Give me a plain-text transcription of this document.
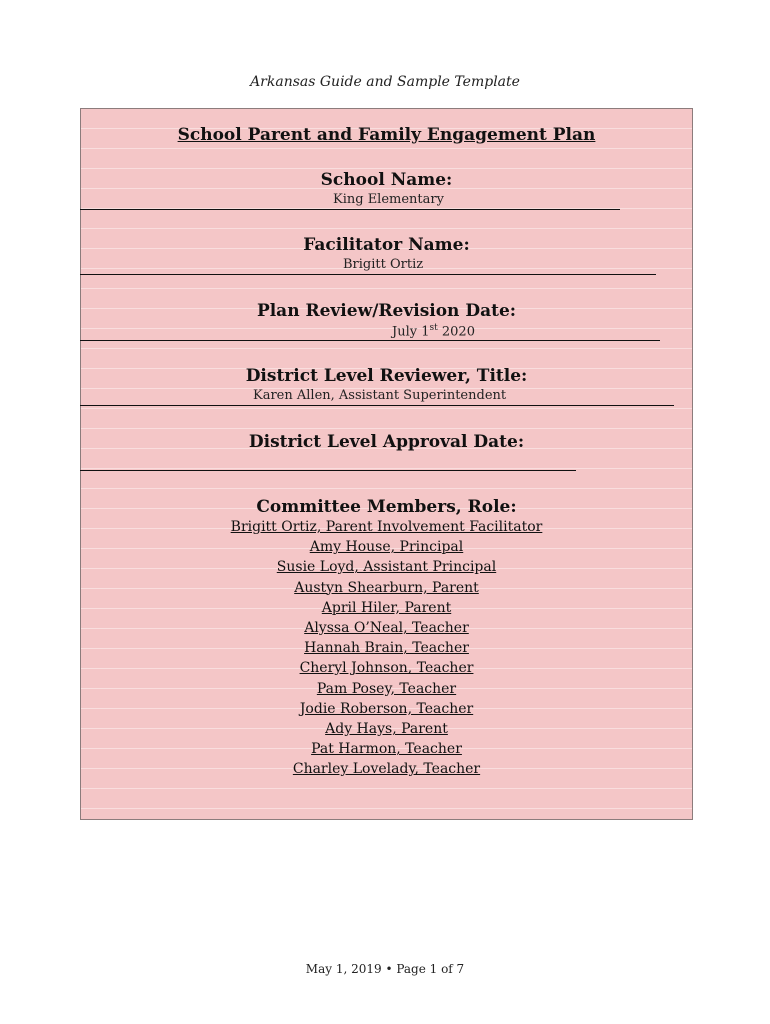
Arkansas Guide and Sample Template
School Parent and Family Engagement Plan
School Name:
King Elementary
Facilitator Name:
Brigitt Ortiz
Plan Review/Revision Date:
July 1st 2020
District Level Reviewer, Title:
Karen Allen, Assistant Superintendent
District Level Approval Date:
Committee Members, Role:
Brigitt Ortiz, Parent Involvement Facilitator
Amy House, Principal
Susie Loyd, Assistant Principal
Austyn Shearburn, Parent
April Hiler, Parent
Alyssa O’Neal, Teacher
Hannah Brain, Teacher
Cheryl Johnson, Teacher
Pam Posey, Teacher
Jodie Roberson, Teacher
Ady Hays, Parent
Pat Harmon, Teacher
Charley Lovelady, Teacher
May 1, 2019 • Page 1 of 7
